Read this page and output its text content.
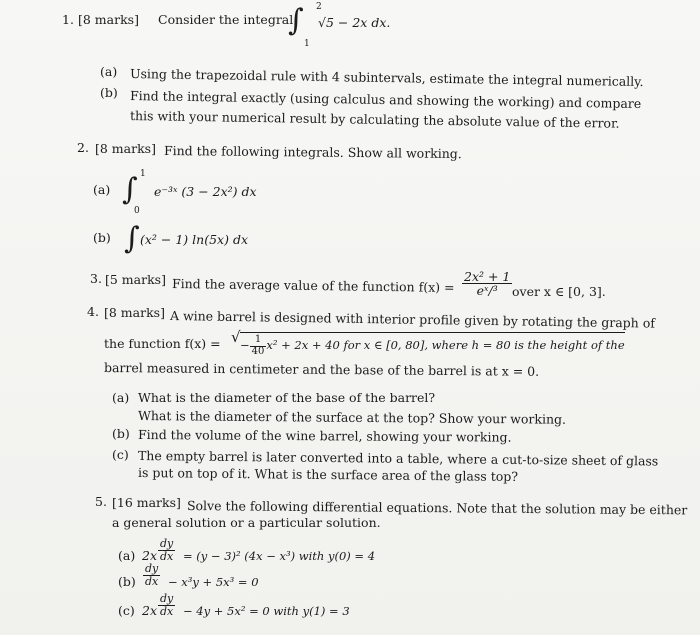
1. [8 marks] Consider the integral
∫ 2
1
√5 − 2x dx.
(a) Using the trapezoidal rule with 4 subintervals, estimate the integral numerically.
(b) Find the integral exactly (using calculus and showing the working) and compare
this with your numerical result by calculating the absolute value of the error.
2. [8 marks] Find the following integrals. Show all working.
(a) ∫ 1
0
e⁻³ˣ (3 − 2x²) dx
(b) ∫ (x² − 1) ln(5x) dx
3. [5 marks] Find the average value of the function $f(x) = \frac{\text{2x² + 1}}{\text{eˣ/³}}$ over x ∈ [0, 3].
4. [8 marks] A wine barrel is designed with interior profile given by rotating the graph of
the function f(x) = √ − $\frac{1}{40} x^2 + 2x + 40$ for x ∈ [0, 80], where h = 80 is the height of the
barrel measured in centimeter and the base of the barrel is at x = 0.
(a) What is the diameter of the base of the barrel?
What is the diameter of the surface at the top? Show your working.
(b) Find the volume of the wine barrel, showing your working.
(c) The empty barrel is later converted into a table, where a cut-to-size sheet of glass
is put on top of it. What is the surface area of the glass top?
5. [16 marks] Solve the following differential equations. Note that the solution may be either
a general solution or a particular solution.
(a) $2x \frac{dy}{dx} = (y - 3)^2$ (4x − x³) with y(0) = 4
$(b) \frac{dy}{dx} - x^3y + 5x^3 = 0$
(c) $2x \frac{dy}{dx} - 4y + 5x^2 = 0$ with y(1) = 3
